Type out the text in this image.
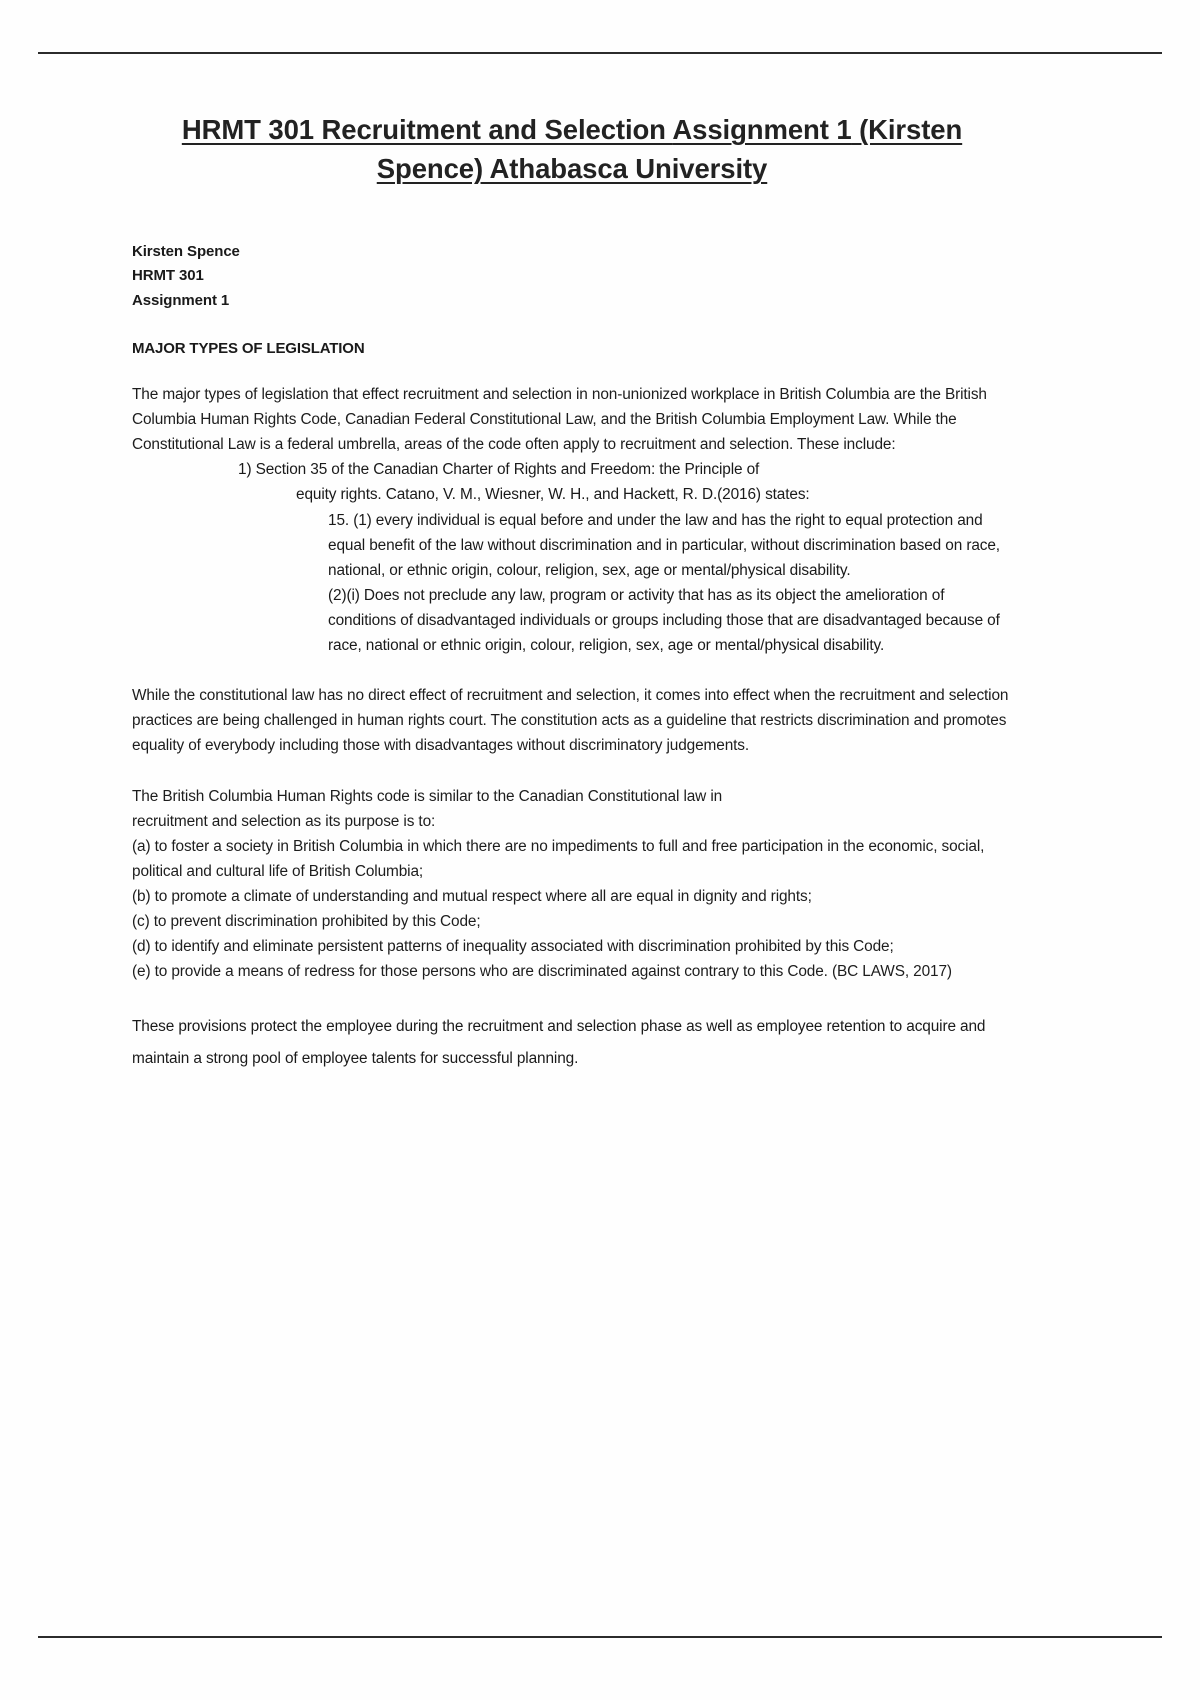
HRMT 301 Recruitment and Selection Assignment 1 (Kirsten Spence) Athabasca University
Kirsten Spence
HRMT 301
Assignment 1
MAJOR TYPES OF LEGISLATION

The major types of legislation that effect recruitment and selection in non-unionized workplace in British Columbia are the British Columbia Human Rights Code, Canadian Federal Constitutional Law, and the British Columbia Employment Law. While the Constitutional Law is a federal umbrella, areas of the code often apply to recruitment and selection. These include:

1) Section 35 of the Canadian Charter of Rights and Freedom: the Principle of
equity rights. Catano, V. M., Wiesner, W. H., and Hackett, R. D.(2016) states:
15. (1) every individual is equal before and under the law and has the right to equal protection and equal benefit of the law without discrimination and in particular, without discrimination based on race, national, or ethnic origin, colour, religion, sex, age or mental/physical disability.
(2)(i) Does not preclude any law, program or activity that has as its object the amelioration of conditions of disadvantaged individuals or groups including those that are disadvantaged because of race, national or ethnic origin, colour, religion, sex, age or mental/physical disability.

While the constitutional law has no direct effect of recruitment and selection, it comes into effect when the recruitment and selection practices are being challenged in human rights court. The constitution acts as a guideline that restricts discrimination and promotes equality of everybody including those with disadvantages without discriminatory judgements.

The British Columbia Human Rights code is similar to the Canadian Constitutional law in
recruitment and selection as its purpose is to:
(a) to foster a society in British Columbia in which there are no impediments to full and free participation in the economic, social, political and cultural life of British Columbia;
(b) to promote a climate of understanding and mutual respect where all are equal in dignity and rights;
(c) to prevent discrimination prohibited by this Code;
(d) to identify and eliminate persistent patterns of inequality associated with discrimination prohibited by this Code;
(e) to provide a means of redress for those persons who are discriminated against contrary to this Code. (BC LAWS, 2017)

These provisions protect the employee during the recruitment and selection phase as well as employee retention to acquire and maintain a strong pool of employee talents for successful planning.
